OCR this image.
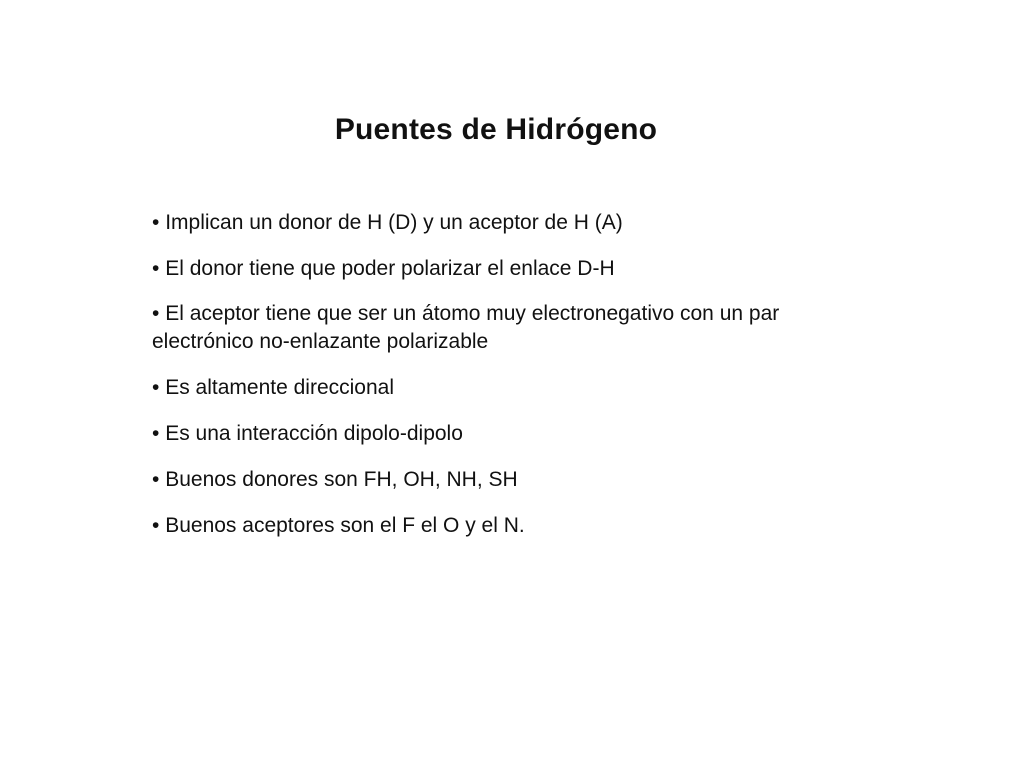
Puentes de Hidrógeno
• Implican un donor de H (D) y un aceptor de H (A)
• El donor tiene que poder polarizar el enlace D-H
• El aceptor tiene que ser un átomo muy electronegativo con un par electrónico no-enlazante polarizable
• Es altamente direccional
• Es una interacción dipolo-dipolo
• Buenos donores son FH, OH, NH, SH
• Buenos aceptores son el F el O y el N.
